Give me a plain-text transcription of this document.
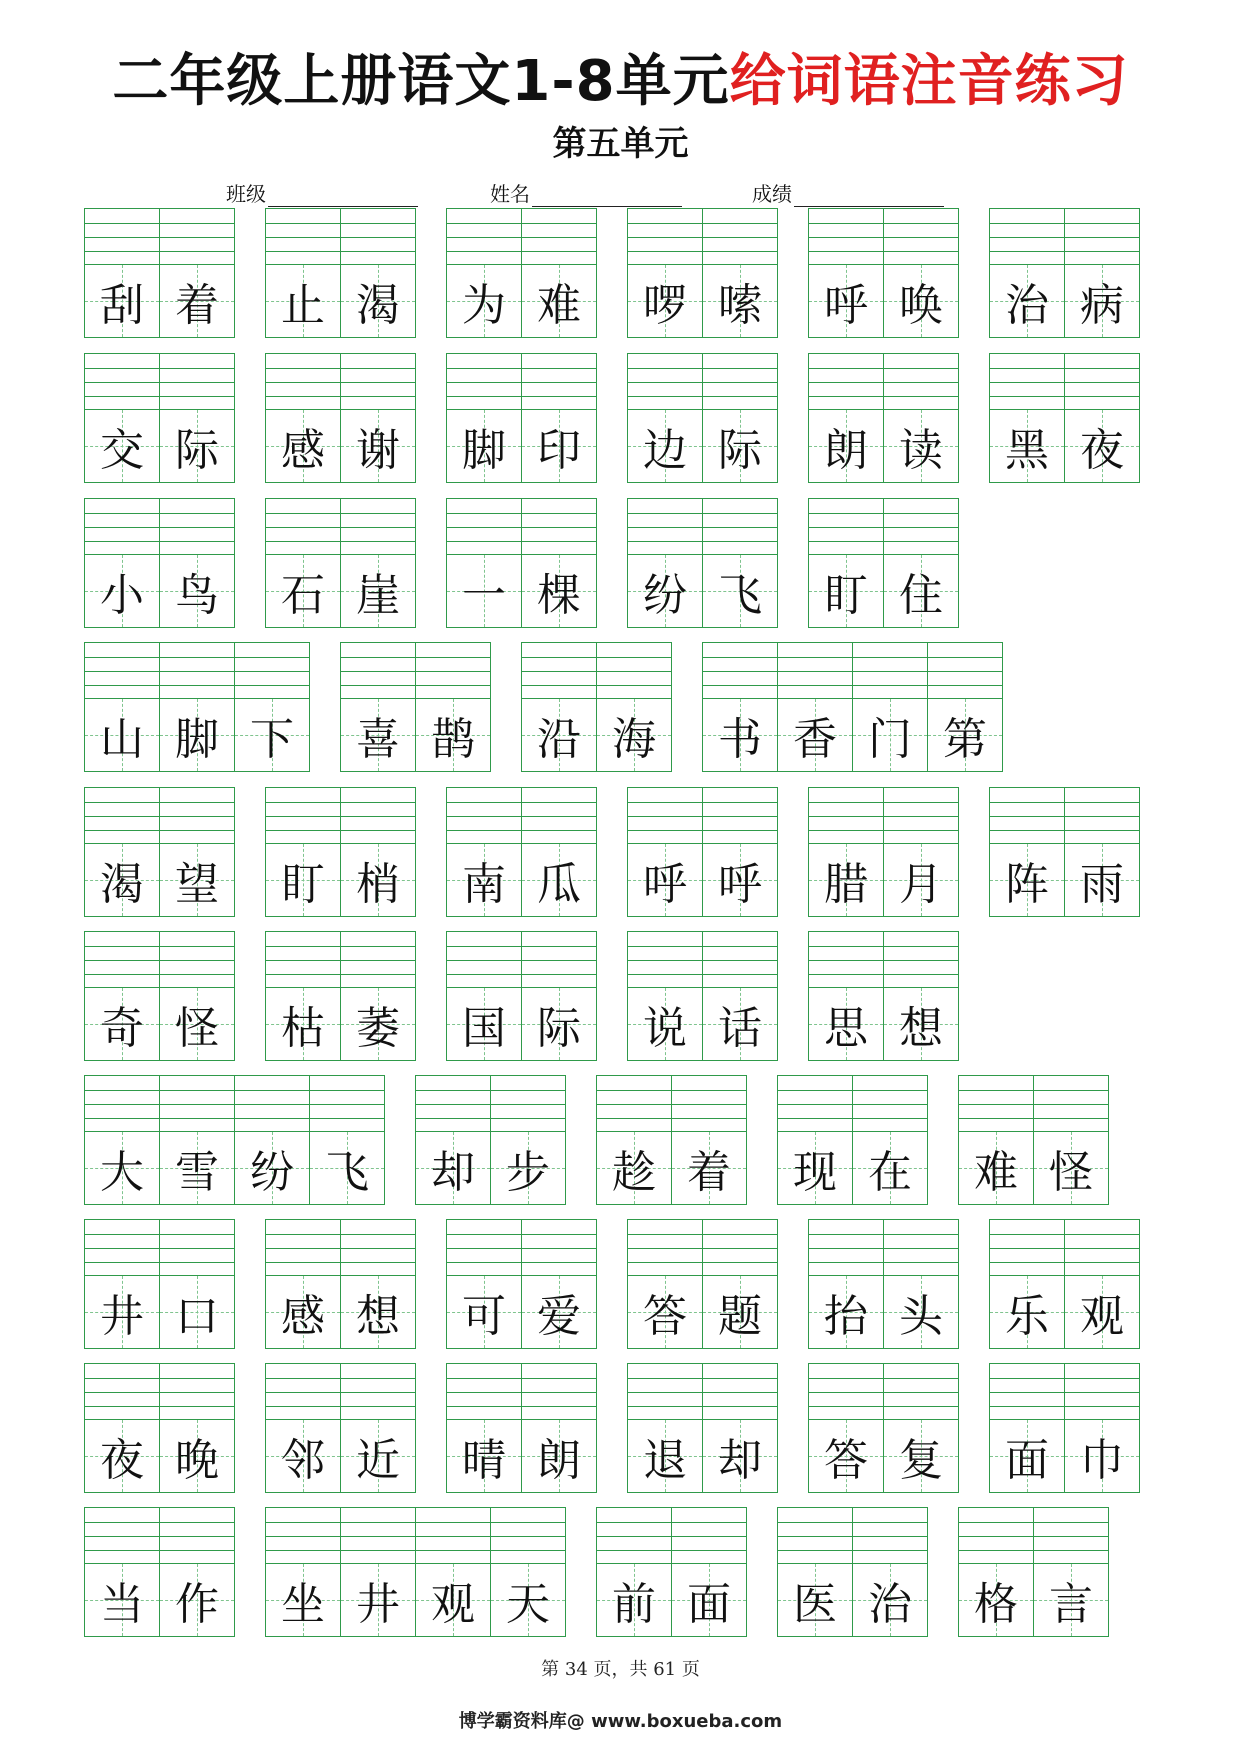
二年级上册语文1-8单元给词语注音练习
第五单元
班级	姓名	成绩
刮 着	止 渴	为 难	啰 嗦	呼 唤	治 病
交 际	感 谢	脚 印	边 际	朗 读	黑 夜
小 鸟	石 崖	一 棵	纷 飞	盯 住
山 脚 下	喜 鹊	沿 海	书 香 门 第
渴 望	盯 梢	南 瓜	呼 呼	腊 月	阵 雨
奇 怪	枯 萎	国 际	说 话	思 想
大 雪 纷 飞	却 步	趁 着	现 在	难 怪
井 口	感 想	可 爱	答 题	抬 头	乐 观
夜 晚	邻 近	晴 朗	退 却	答 复	面 巾
当 作	坐 井 观 天	前 面	医 治	格 言
第 34 页，共 61 页
博学霸资料库@ www.boxueba.com
